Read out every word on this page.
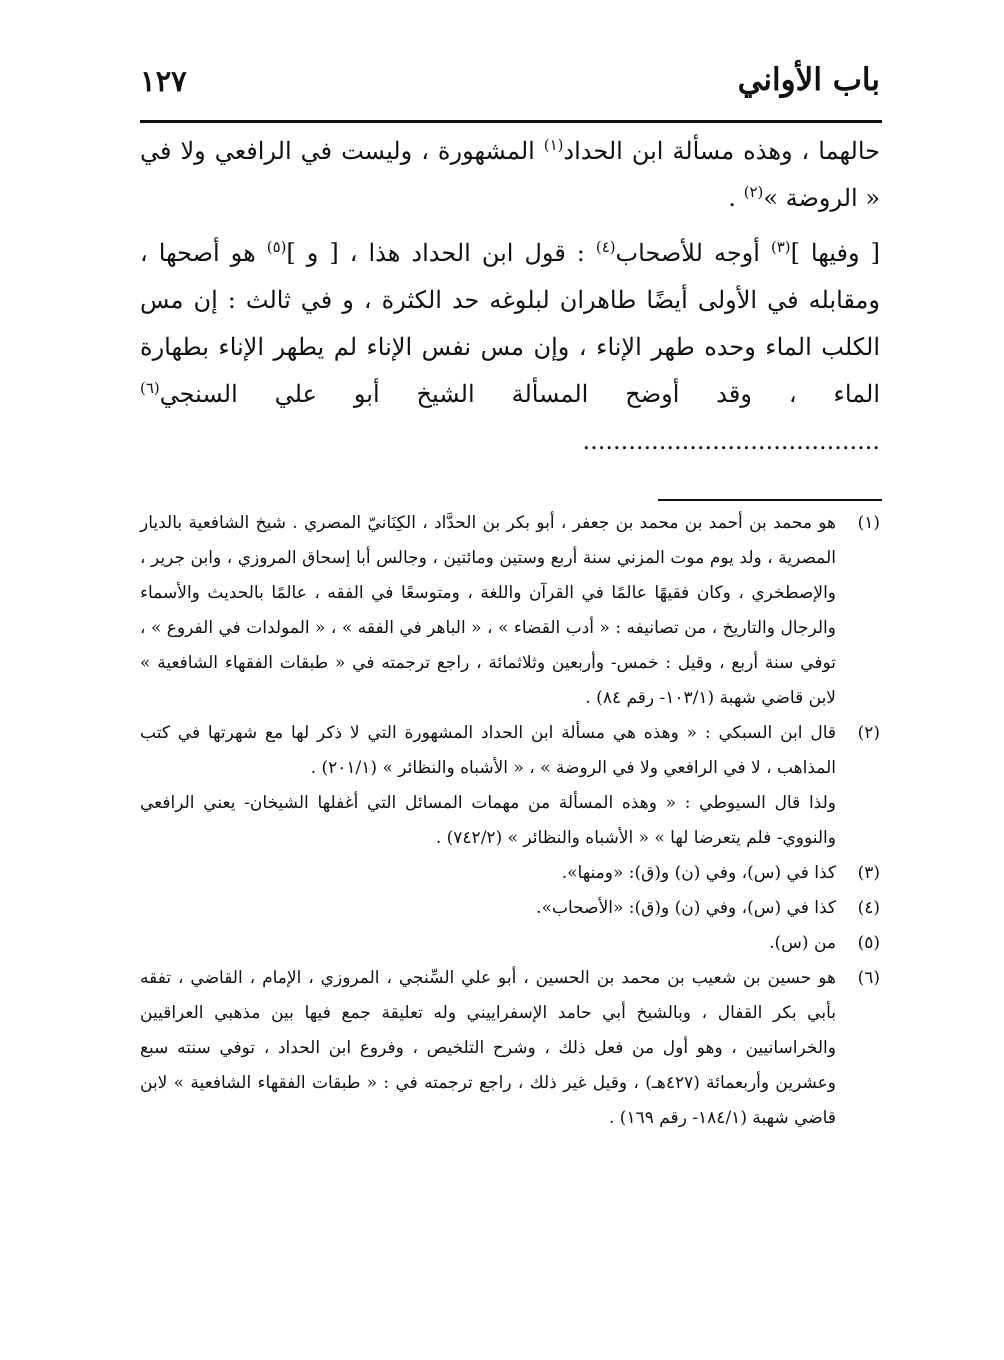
باب الأواني
١٢٧

حالهما ، وهذه مسألة ابن الحداد$^{(١)}$ المشهورة ، وليست في الرافعي ولا في « الروضة »$^{(٢)}$ .

[ وفيها ]$^{(٣)}$ أوجه للأصحاب$^{(٤)}$ : قول ابن الحداد هذا ، [ و ]$^{(٥)}$ هو أصحها ، ومقابله في الأولى أيضًا طاهران لبلوغه حد الكثرة ، و في ثالث : إن مس الكلب الماء وحده طهر الإناء ، وإن مس نفس الإناء لم يطهر الإناء بطهارة الماء ، وقد أوضح المسألة الشيخ أبو علي السنجي$^{(٦)}$ .......................................

(١)

هو محمد بن أحمد بن محمد بن جعفر ، أبو بكر بن الحدَّاد ، الكِنَانيّ المصري . شيخ الشافعية بالديار المصرية ، ولد يوم موت المزني سنة أربع وستين ومائتين ، وجالس أبا إسحاق المروزي ، وابن جرير ، والإصطخري ، وكان فقيهًا عالمًا في القرآن واللغة ، ومتوسعًا في الفقه ، عالمًا بالحديث والأسماء والرجال والتاريخ ، من تصانيفه : « أدب القضاء » ، « الباهر في الفقه » ، « المولدات في الفروع » ، توفي سنة أربع ، وقيل : خمس- وأربعين وثلاثمائة ، راجع ترجمته في « طبقات الفقهاء الشافعية » لابن قاضي شهبة (١٠٣/١- رقم ٨٤) .

(٢)

قال ابن السبكي : « وهذه هي مسألة ابن الحداد المشهورة التي لا ذكر لها مع شهرتها في كتب المذاهب ، لا في الرافعي ولا في الروضة » ، « الأشباه والنظائر » (٢٠١/١) .

ولذا قال السيوطي : « وهذه المسألة من مهمات المسائل التي أغفلها الشيخان- يعني الرافعي والنووي- فلم يتعرضا لها » « الأشباه والنظائر » (٧٤٢/٢) .

(٣)

كذا في (س)، وفي (ن) و(ق): «ومنها».

(٤)

كذا في (س)، وفي (ن) و(ق): «الأصحاب».

(٥)

من (س).

(٦)

هو حسين بن شعيب بن محمد بن الحسين ، أبو علي السِّنجي ، المروزي ، الإمام ، القاضي ، تفقه بأبي بكر القفال ، وبالشيخ أبي حامد الإسفراييني وله تعليقة جمع فيها بين مذهبي العراقيين والخراسانيين ، وهو أول من فعل ذلك ، وشرح التلخيص ، وفروع ابن الحداد ، توفي سنته سبع وعشرين وأربعمائة (٤٢٧هـ) ، وقيل غير ذلك ، راجع ترجمته في : « طبقات الفقهاء الشافعية » لابن قاضي شهبة (١٨٤/١- رقم ١٦٩) .
